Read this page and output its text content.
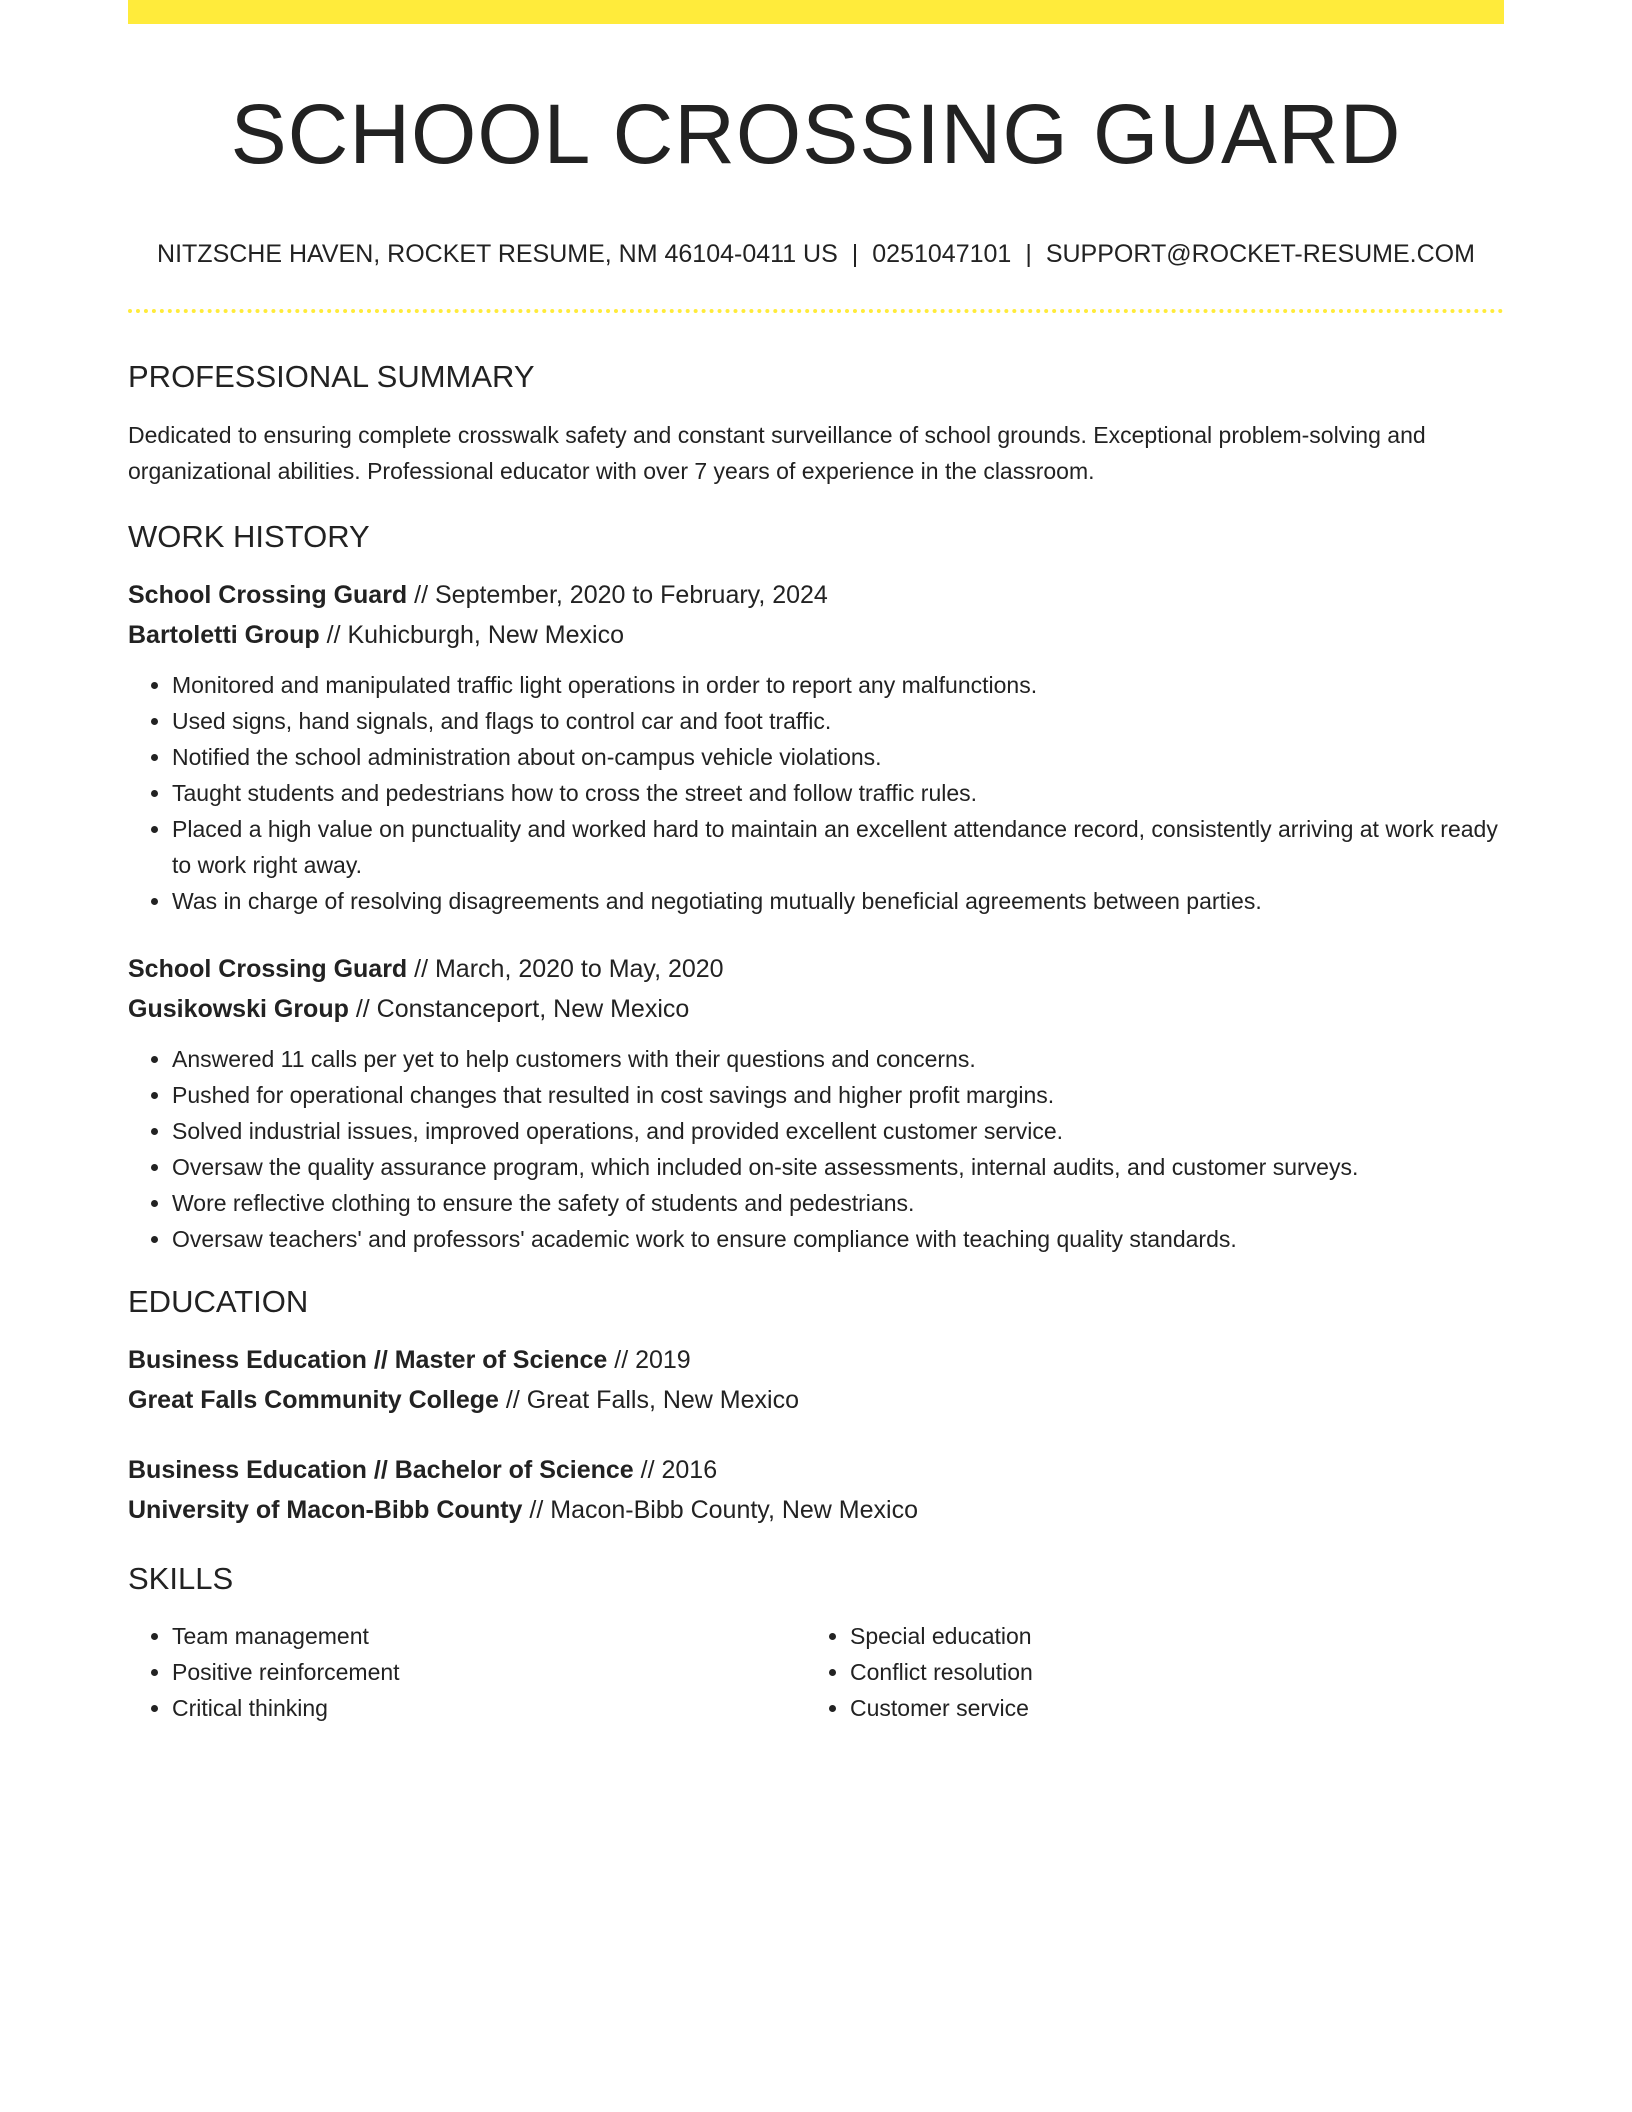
SCHOOL CROSSING GUARD
NITZSCHE HAVEN, ROCKET RESUME, NM 46104-0411 US | 0251047101 | SUPPORT@ROCKET-RESUME.COM
PROFESSIONAL SUMMARY
Dedicated to ensuring complete crosswalk safety and constant surveillance of school grounds. Exceptional problem-solving and organizational abilities. Professional educator with over 7 years of experience in the classroom.
WORK HISTORY
School Crossing Guard // September, 2020 to February, 2024
Bartoletti Group // Kuhicburgh, New Mexico
• Monitored and manipulated traffic light operations in order to report any malfunctions.
• Used signs, hand signals, and flags to control car and foot traffic.
• Notified the school administration about on-campus vehicle violations.
• Taught students and pedestrians how to cross the street and follow traffic rules.
• Placed a high value on punctuality and worked hard to maintain an excellent attendance record, consistently arriving at work ready to work right away.
• Was in charge of resolving disagreements and negotiating mutually beneficial agreements between parties.
School Crossing Guard // March, 2020 to May, 2020
Gusikowski Group // Constanceport, New Mexico
• Answered 11 calls per yet to help customers with their questions and concerns.
• Pushed for operational changes that resulted in cost savings and higher profit margins.
• Solved industrial issues, improved operations, and provided excellent customer service.
• Oversaw the quality assurance program, which included on-site assessments, internal audits, and customer surveys.
• Wore reflective clothing to ensure the safety of students and pedestrians.
• Oversaw teachers' and professors' academic work to ensure compliance with teaching quality standards.
EDUCATION
Business Education // Master of Science // 2019
Great Falls Community College // Great Falls, New Mexico
Business Education // Bachelor of Science // 2016
University of Macon-Bibb County // Macon-Bibb County, New Mexico
SKILLS
• Team management
• Positive reinforcement
• Critical thinking
• Special education
• Conflict resolution
• Customer service
